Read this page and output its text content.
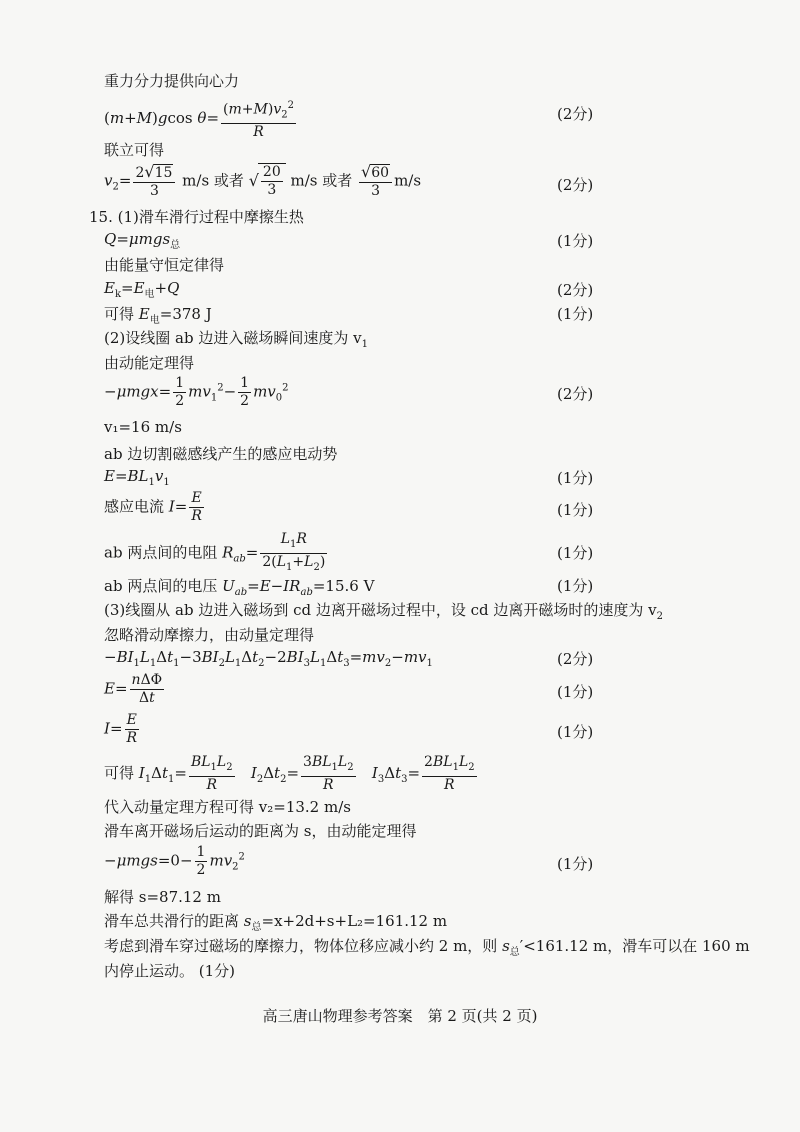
重力分力提供向心力
(m+M)gcos $\theta= \frac{(m+M)v_2^2}{R}$	(2分)
联立可得
$v_2= \frac{2√15}{3} m/s$ 或者 √ $\frac{20}{3} m/s$ 或者 $\frac{√60}{3} m/s$	(2分)
15. (1)滑车滑行过程中摩擦生热
Q=μmgs$_总$	(1分)
由能量守恒定律得
$E_k=E_电+Q$	(2分)
可得 $E_电=378$ J	(1分)
(2)设线圈 ab 边进入磁场瞬间速度为 $v_1$
由动能定理得
$-\mu mgx= \frac{1}{2} mv_1^2- \frac{1}{2} mv_0^2$	(2分)
v₁=16 m/s
ab 边切割磁感线产生的感应电动势
$E=BL_1v_1$	(1分)
感应电流 $I= \frac{E}{R}$	(1分)
ab 两点间的电阻 $R_{ab}= \frac{L_1R}{2(L_1+L_2)}$	(1分)
ab 两点间的电压 $U_{ab}=E-IR_{ab}=15.6$ V	(1分)
(3)线圈从 ab 边进入磁场到 cd 边离开磁场过程中，设 cd 边离开磁场时的速度为 $v_2$
忽略滑动摩擦力，由动量定理得
$-BI_1L_1\Delta t_1-3BI_2L_1\Delta t_2-2BI_3L_1\Delta t_3=mv_2-mv_1$	(2分)
$E= \frac{\text{nΔΦ}}{\Delta t}$	(1分)
$I= \frac{E}{R}$	(1分)
可得 $I_1\Delta t_1= \frac{BL_1L_2}{R} I_2\Delta t_2= \frac{3BL_1L_2}{R} I_3\Delta t_3= \frac{2BL_1L_2}{R}$
代入动量定理方程可得 v₂=13.2 m/s
滑车离开磁场后运动的距离为 s，由动能定理得
$-\mu mgs=0- \frac{1}{2} mv_2^2$	(1分)
解得 s=87.12 m
滑车总共滑行的距离 $s_总=x+2d+s+L_2=161.12$ m
考虑到滑车穿过磁场的摩擦力，物体位移应减小约 2 m，则 $s_总'<161.12$ m，滑车可以在 160 m
内停止运动。 (1分)
高三唐山物理参考答案　第 2 页(共 2 页)
